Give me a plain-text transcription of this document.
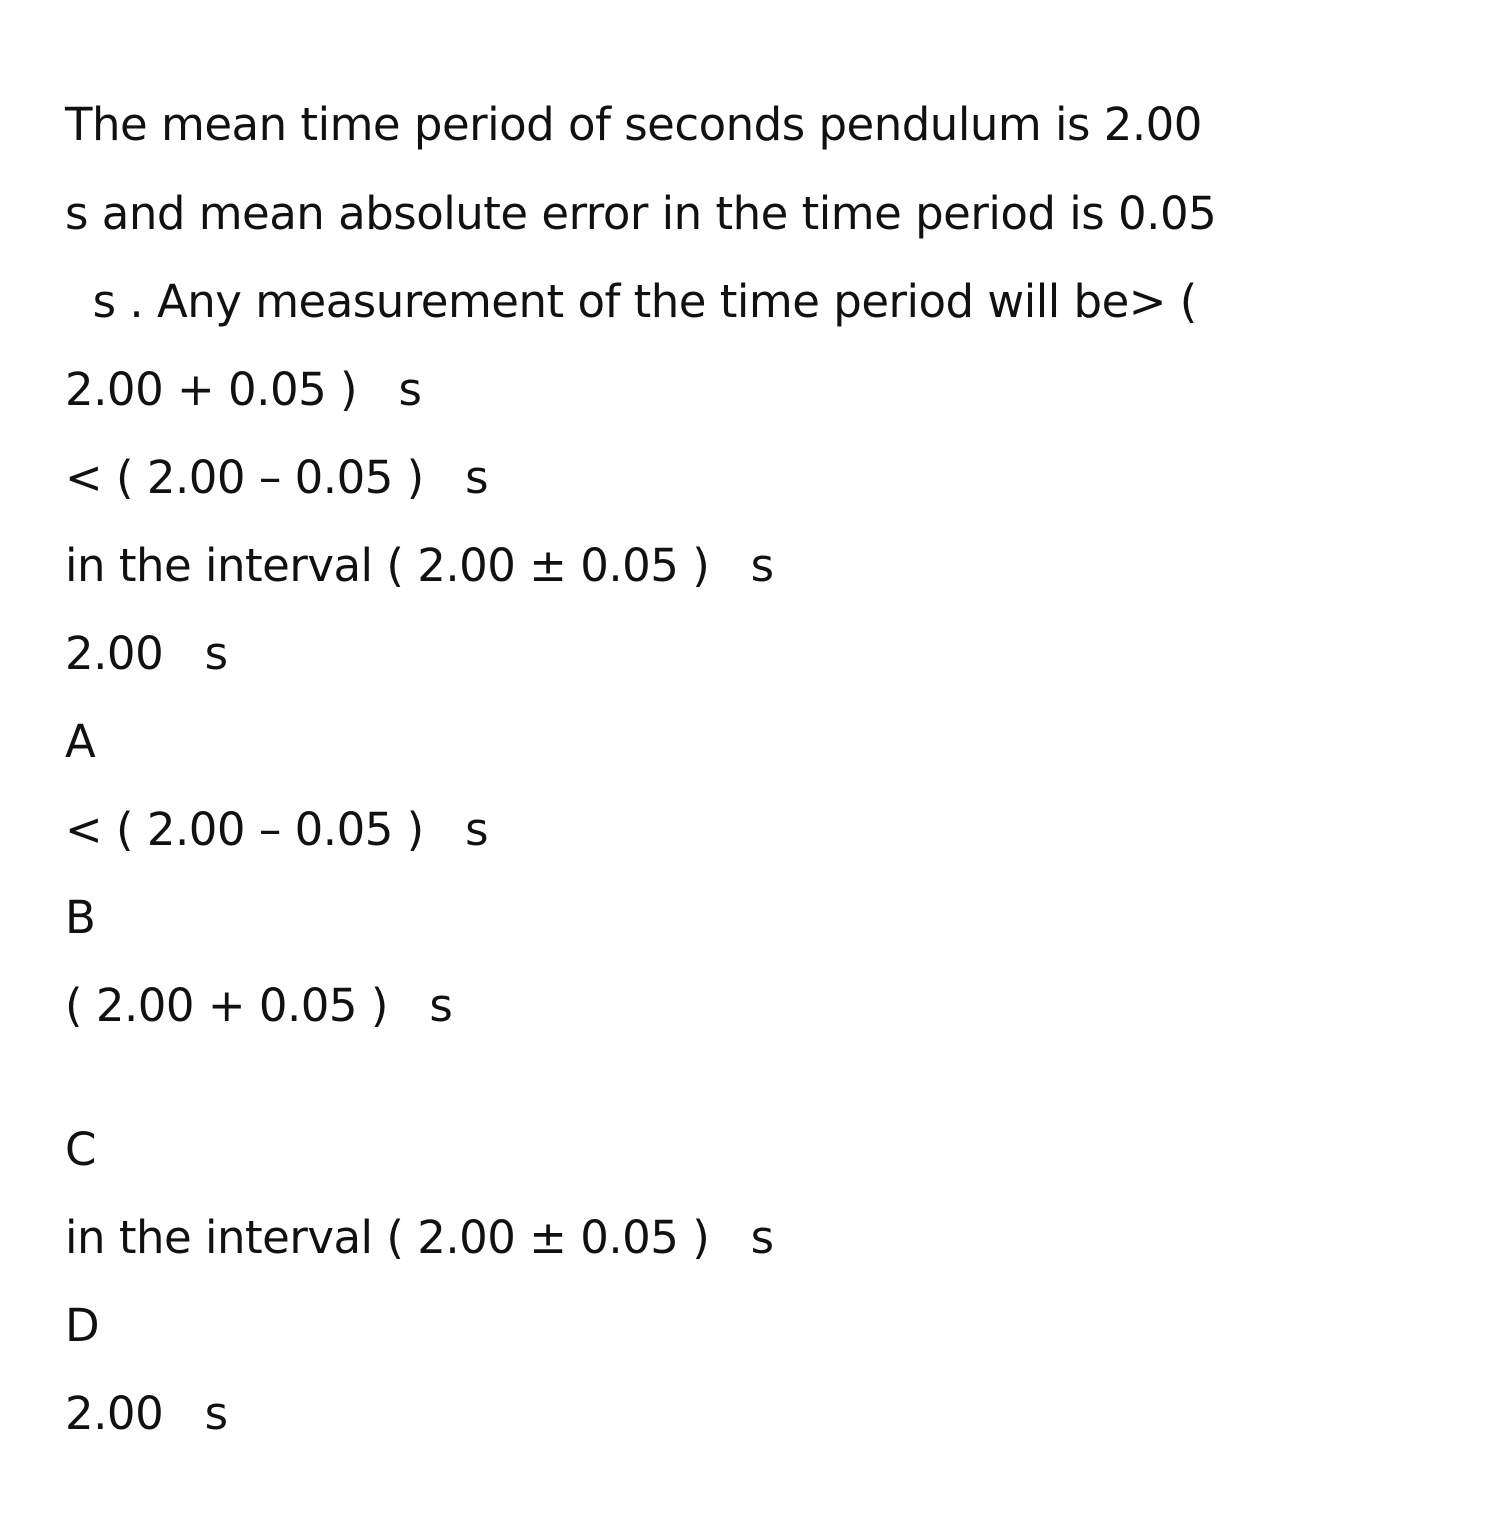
The mean time period of seconds pendulum is 2.00
s and mean absolute error in the time period is 0.05
s . Any measurement of the time period will be> (
2.00 + 0.05 )   s
< ( 2.00 – 0.05 )   s
in the interval ( 2.00 ± 0.05 )   s
2.00   s
A
< ( 2.00 – 0.05 )   s
B
( 2.00 + 0.05 )   s
C
in the interval ( 2.00 ± 0.05 )   s
D
2.00   s
